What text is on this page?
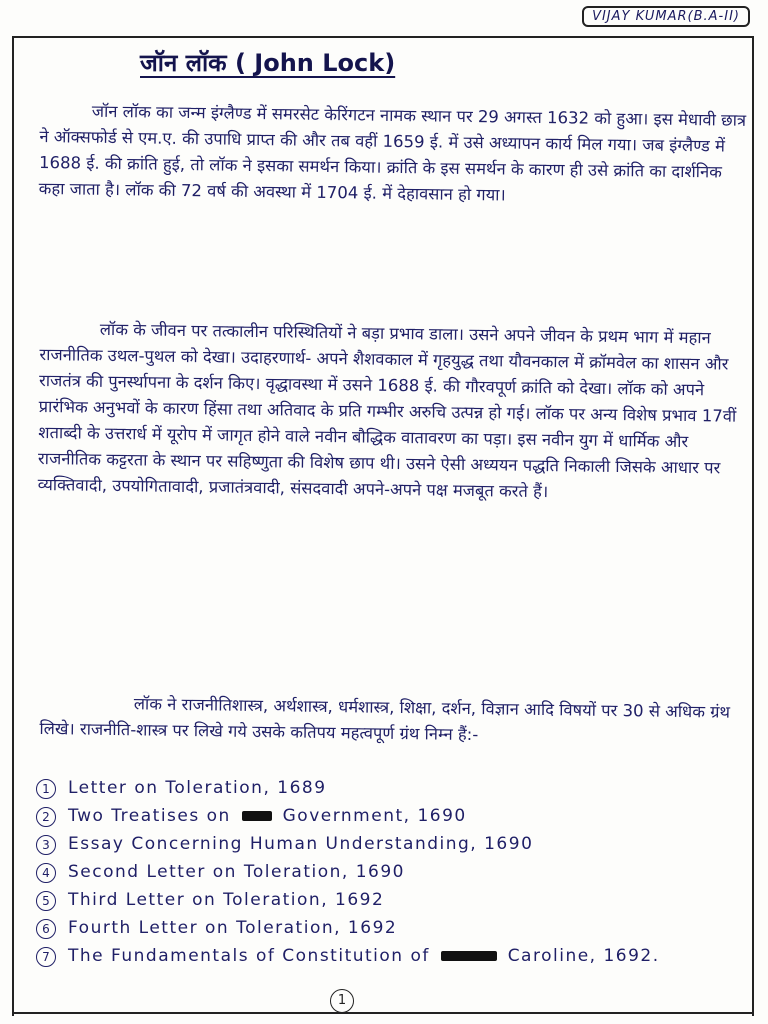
VIJAY KUMAR(B.A-II)
जॉन लॉक ( John Lock)
जॉन लॉक का जन्म इंग्लैण्ड में समरसेट केरिंगटन नामक स्थान पर 29 अगस्त 1632 को हुआ। इस मेधावी छात्र ने ऑक्सफोर्ड से एम.ए. की उपाधि प्राप्त की और तब वहीं 1659 ई. में उसे अध्यापन कार्य मिल गया। जब इंग्लैण्ड में 1688 ई. की क्रांति हुई, तो लॉक ने इसका समर्थन किया। क्रांति के इस समर्थन के कारण ही उसे क्रांति का दार्शनिक कहा जाता है। लॉक की 72 वर्ष की अवस्था में 1704 ई. में देहावसान हो गया।
लॉक के जीवन पर तत्कालीन परिस्थितियों ने बड़ा प्रभाव डाला। उसने अपने जीवन के प्रथम भाग में महान राजनीतिक उथल-पुथल को देखा। उदाहरणार्थ- अपने शैशवकाल में गृहयुद्ध तथा यौवनकाल में क्रॉमवेल का शासन और राजतंत्र की पुनर्स्थापना के दर्शन किए। वृद्धावस्था में उसने 1688 ई. की गौरवपूर्ण क्रांति को देखा। लॉक को अपने प्रारंभिक अनुभवों के कारण हिंसा तथा अतिवाद के प्रति गम्भीर अरुचि उत्पन्न हो गई। लॉक पर अन्य विशेष प्रभाव 17वीं शताब्दी के उत्तरार्ध में यूरोप में जागृत होने वाले नवीन बौद्धिक वातावरण का पड़ा। इस नवीन युग में धार्मिक और राजनीतिक कट्टरता के स्थान पर सहिष्णुता की विशेष छाप थी। उसने ऐसी अध्ययन पद्धति निकाली जिसके आधार पर व्यक्तिवादी, उपयोगितावादी, प्रजातंत्रवादी, संसदवादी अपने-अपने पक्ष मजबूत करते हैं।
लॉक ने राजनीतिशास्त्र, अर्थशास्त्र, धर्मशास्त्र, शिक्षा, दर्शन, विज्ञान आदि विषयों पर 30 से अधिक ग्रंथ लिखे। राजनीति-शास्त्र पर लिखे गये उसके कतिपय महत्वपूर्ण ग्रंथ निम्न हैं:-
1	Letter on Toleration, 1689
2	Two Treatises on	Government, 1690
3	Essay Concerning Human Understanding, 1690
4	Second Letter on Toleration, 1690
5	Third Letter on Toleration, 1692
6	Fourth Letter on Toleration, 1692
7	The Fundamentals of Constitution of	Caroline, 1692.
1
